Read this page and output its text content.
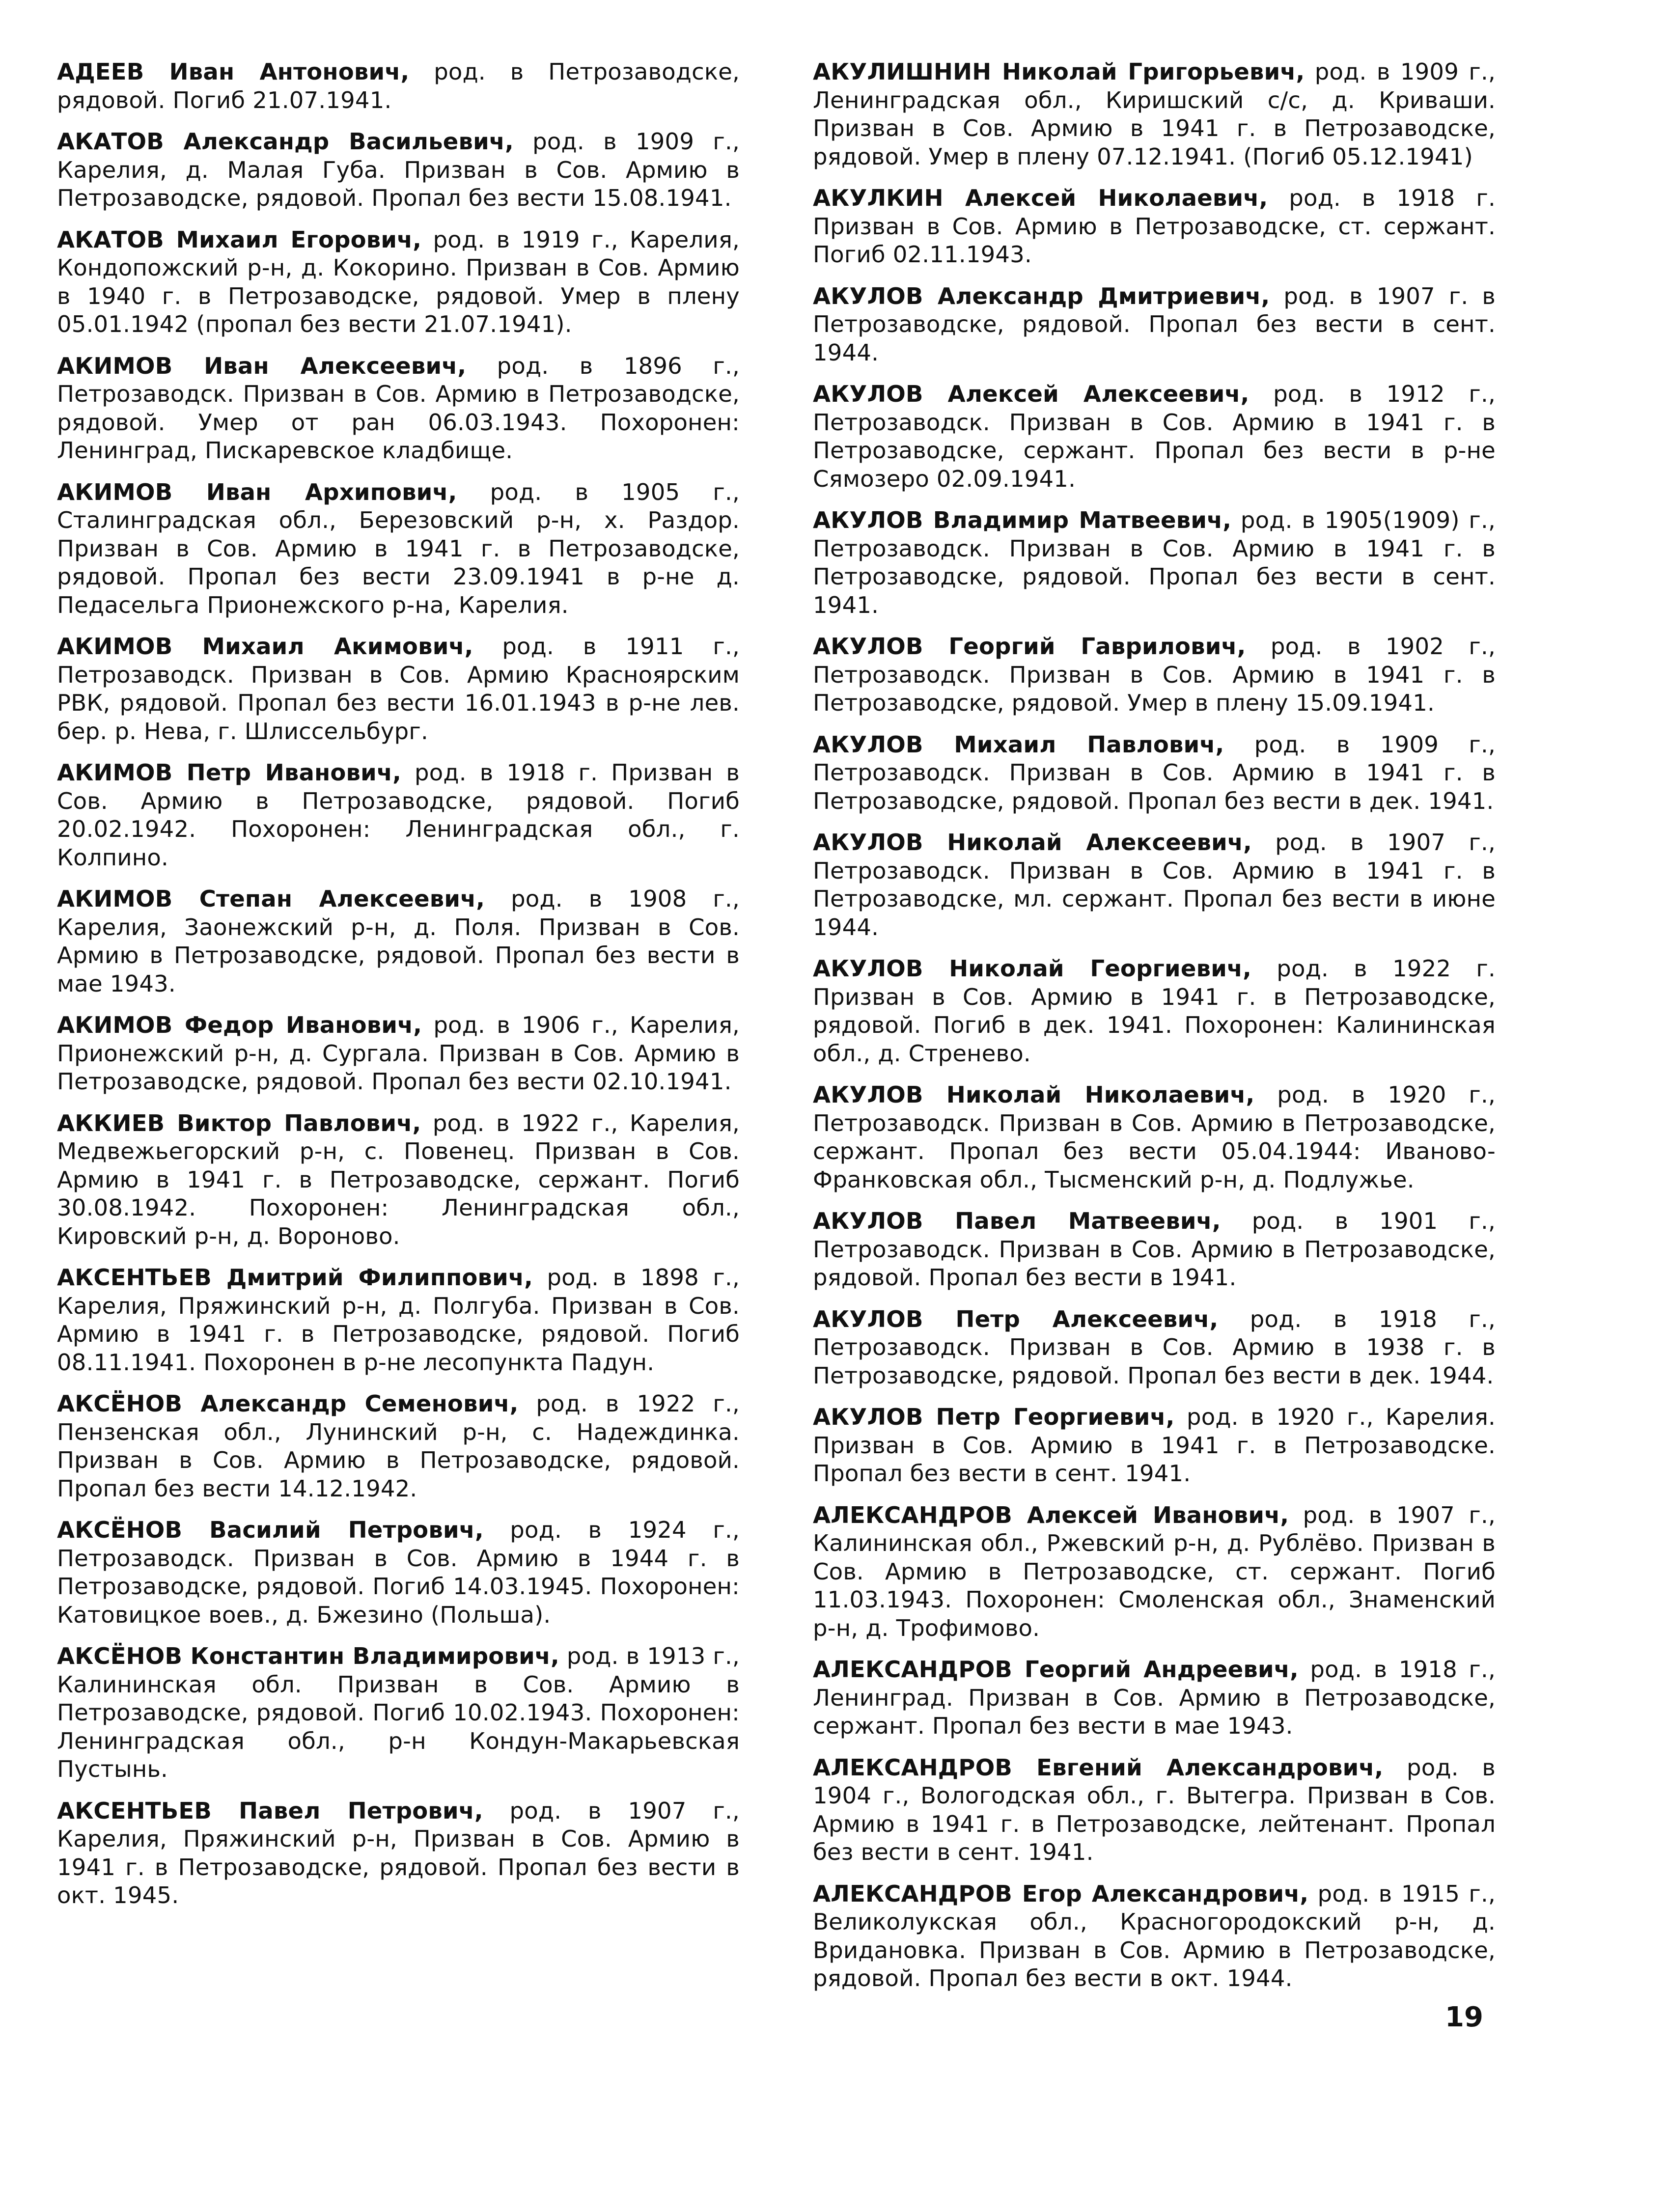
АДЕЕВ Иван Антонович, род. в Петрозаводске, рядовой. Погиб 21.07.1941.

АКАТОВ Александр Васильевич, род. в 1909 г., Карелия, д. Малая Губа. Призван в Сов. Армию в Петрозаводске, рядовой. Пропал без вести 15.08.1941.

АКАТОВ Михаил Егорович, род. в 1919 г., Карелия, Кондопожский р-н, д. Кокорино. Призван в Сов. Армию в 1940 г. в Петрозаводске, рядовой. Умер в плену 05.01.1942 (пропал без вести 21.07.1941).

АКИМОВ Иван Алексеевич, род. в 1896 г., Петрозаводск. Призван в Сов. Армию в Петрозаводске, рядовой. Умер от ран 06.03.1943. Похоронен: Ленинград, Пискаревское кладбище.

АКИМОВ Иван Архипович, род. в 1905 г., Сталинградская обл., Березовский р-н, х. Раздор. Призван в Сов. Армию в 1941 г. в Петрозаводске, рядовой. Пропал без вести 23.09.1941 в р-не д. Педасельга Прионежского р-на, Карелия.

АКИМОВ Михаил Акимович, род. в 1911 г., Петрозаводск. Призван в Сов. Армию Красноярским РВК, рядовой. Пропал без вести 16.01.1943 в р-не лев. бер. р. Нева, г. Шлиссельбург.

АКИМОВ Петр Иванович, род. в 1918 г. Призван в Сов. Армию в Петрозаводске, рядовой. Погиб 20.02.1942. Похоронен: Ленинградская обл., г. Колпино.

АКИМОВ Степан Алексеевич, род. в 1908 г., Карелия, Заонежский р-н, д. Поля. Призван в Сов. Армию в Петрозаводске, рядовой. Пропал без вести в мае 1943.

АКИМОВ Федор Иванович, род. в 1906 г., Карелия, Прионежский р-н, д. Сургала. Призван в Сов. Армию в Петрозаводске, рядовой. Пропал без вести 02.10.1941.

АККИЕВ Виктор Павлович, род. в 1922 г., Карелия, Медвежьегорский р-н, с. Повенец. Призван в Сов. Армию в 1941 г. в Петрозаводске, сержант. Погиб 30.08.1942. Похоронен: Ленинградская обл., Кировский р-н, д. Вороново.

АКСЕНТЬЕВ Дмитрий Филиппович, род. в 1898 г., Карелия, Пряжинский р-н, д. Полгуба. Призван в Сов. Армию в 1941 г. в Петрозаводске, рядовой. Погиб 08.11.1941. Похоронен в р-не лесопункта Падун.

АКСЁНОВ Александр Семенович, род. в 1922 г., Пензенская обл., Лунинский р-н, с. Надеждинка. Призван в Сов. Армию в Петрозаводске, рядовой. Пропал без вести 14.12.1942.

АКСЁНОВ Василий Петрович, род. в 1924 г., Петрозаводск. Призван в Сов. Армию в 1944 г. в Петрозаводске, рядовой. Погиб 14.03.1945. Похоронен: Катовицкое воев., д. Бжезино (Польша).

АКСЁНОВ Константин Владимирович, род. в 1913 г., Калининская обл. Призван в Сов. Армию в Петрозаводске, рядовой. Погиб 10.02.1943. Похоронен: Ленинградская обл., р-н Кондун-Макарьевская Пустынь.

АКСЕНТЬЕВ Павел Петрович, род. в 1907 г., Карелия, Пряжинский р-н, Призван в Сов. Армию в 1941 г. в Петрозаводске, рядовой. Пропал без вести в окт. 1945.

АКУЛИШНИН Николай Григорьевич, род. в 1909 г., Ленинградская обл., Киришский с/с, д. Криваши. Призван в Сов. Армию в 1941 г. в Петрозаводске, рядовой. Умер в плену 07.12.1941. (Погиб 05.12.1941)

АКУЛКИН Алексей Николаевич, род. в 1918 г. Призван в Сов. Армию в Петрозаводске, ст. сержант. Погиб 02.11.1943.

АКУЛОВ Александр Дмитриевич, род. в 1907 г. в Петрозаводске, рядовой. Пропал без вести в сент. 1944.

АКУЛОВ Алексей Алексеевич, род. в 1912 г., Петрозаводск. Призван в Сов. Армию в 1941 г. в Петрозаводске, сержант. Пропал без вести в р-не Сямозеро 02.09.1941.

АКУЛОВ Владимир Матвеевич, род. в 1905(1909) г., Петрозаводск. Призван в Сов. Армию в 1941 г. в Петрозаводске, рядовой. Пропал без вести в сент. 1941.

АКУЛОВ Георгий Гаврилович, род. в 1902 г., Петрозаводск. Призван в Сов. Армию в 1941 г. в Петрозаводске, рядовой. Умер в плену 15.09.1941.

АКУЛОВ Михаил Павлович, род. в 1909 г., Петрозаводск. Призван в Сов. Армию в 1941 г. в Петрозаводске, рядовой. Пропал без вести в дек. 1941.

АКУЛОВ Николай Алексеевич, род. в 1907 г., Петрозаводск. Призван в Сов. Армию в 1941 г. в Петрозаводске, мл. сержант. Пропал без вести в июне 1944.

АКУЛОВ Николай Георгиевич, род. в 1922 г. Призван в Сов. Армию в 1941 г. в Петрозаводске, рядовой. Погиб в дек. 1941. Похоронен: Калининская обл., д. Стренево.

АКУЛОВ Николай Николаевич, род. в 1920 г., Петрозаводск. Призван в Сов. Армию в Петрозаводске, сержант. Пропал без вести 05.04.1944: Ивановo-Франковская обл., Тысменский р-н, д. Подлужье.

АКУЛОВ Павел Матвеевич, род. в 1901 г., Петрозаводск. Призван в Сов. Армию в Петрозаводске, рядовой. Пропал без вести в 1941.

АКУЛОВ Петр Алексеевич, род. в 1918 г., Петрозаводск. Призван в Сов. Армию в 1938 г. в Петрозаводске, рядовой. Пропал без вести в дек. 1944.

АКУЛОВ Петр Георгиевич, род. в 1920 г., Карелия. Призван в Сов. Армию в 1941 г. в Петрозаводске. Пропал без вести в сент. 1941.

АЛЕКСАНДРОВ Алексей Иванович, род. в 1907 г., Калининская обл., Ржевский р-н, д. Рублёво. Призван в Сов. Армию в Петрозаводске, ст. сержант. Погиб 11.03.1943. Похоронен: Смоленская обл., Знаменский р-н, д. Трофимово.

АЛЕКСАНДРОВ Георгий Андреевич, род. в 1918 г., Ленинград. Призван в Сов. Армию в Петрозаводске, сержант. Пропал без вести в мае 1943.

АЛЕКСАНДРОВ Евгений Александрович, род. в 1904 г., Вологодская обл., г. Вытегра. Призван в Сов. Армию в 1941 г. в Петрозаводске, лейтенант. Пропал без вести в сент. 1941.

АЛЕКСАНДРОВ Егор Александрович, род. в 1915 г., Великолукская обл., Красногородокский р-н, д. Вридановка. Призван в Сов. Армию в Петрозаводске, рядовой. Пропал без вести в окт. 1944.

19
